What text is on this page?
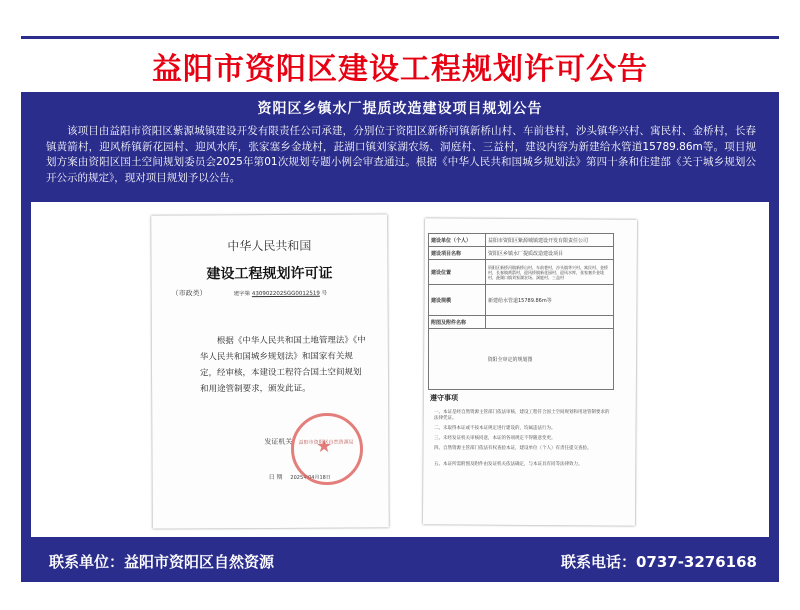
益阳市资阳区建设工程规划许可公告
资阳区乡镇水厂提质改造建设项目规划公告
该项目由益阳市资阳区紫源城镇建设开发有限责任公司承建，分别位于资阳区新桥河镇新桥山村、车前巷村，沙头镇华兴村、寓民村、金桥村，长春镇黄箭村，迎风桥镇新花园村、迎风水库，张家塞乡金垅村，茈湖口镇刘家湖农场、洞庭村、三益村，建设内容为新建给水管道15789.86m等。项目规划方案由资阳区国土空间规划委员会2025年第01次规划专题小例会审查通过。根据《中华人民共和国城乡规划法》第四十条和住建部《关于城乡规划公开公示的规定》，现对项目规划予以公告。
中华人民共和国
建设工程规划许可证
（市政类）	建字第 430902202SGG0012519 号
根据《中华人民共和国土地管理法》《中华人民共和国城乡规划法》和国家有关规定，经审核，本建设工程符合国土空间规划和用途管制要求，颁发此证。
发证机关 益阳市资阳区自然资源局
日 期 2025年04月18日
★
建设单位（个人）	益阳市资阳区紫源城镇建设开发有限责任公司
建设项目名称	资阳区乡镇水厂提质改造建设项目
建设位置	资阳区新桥河镇新桥山村、车前巷村，沙头镇华兴村、寓民村、金桥村，长春镇黄箭村，迎风桥镇新花园村、迎风水库，张家塞乡金垅村，茈湖口镇刘家湖农场、洞庭村、三益村
建设规模	新建给水管道15789.86m等
附图及附件名称	
	资阳全审定的规划图
遵守事项
一、本证是经自然资源主管部门依法审核，建设工程符合国土空间规划和用途管制要求的法律凭证。
二、未取得本证或不按本证规定进行建设的，均属违法行为。
三、未经发证机关审核同意，本证的各项规定不得随意变更。
四、自然资源主管部门依法有权查验本证，建设单位（个人）有责任提交查验。
五、本证所需附图及附件由发证机关依法确定，与本证具有同等法律效力。
联系单位：益阳市资阳区自然资源	联系电话：0737-3276168
